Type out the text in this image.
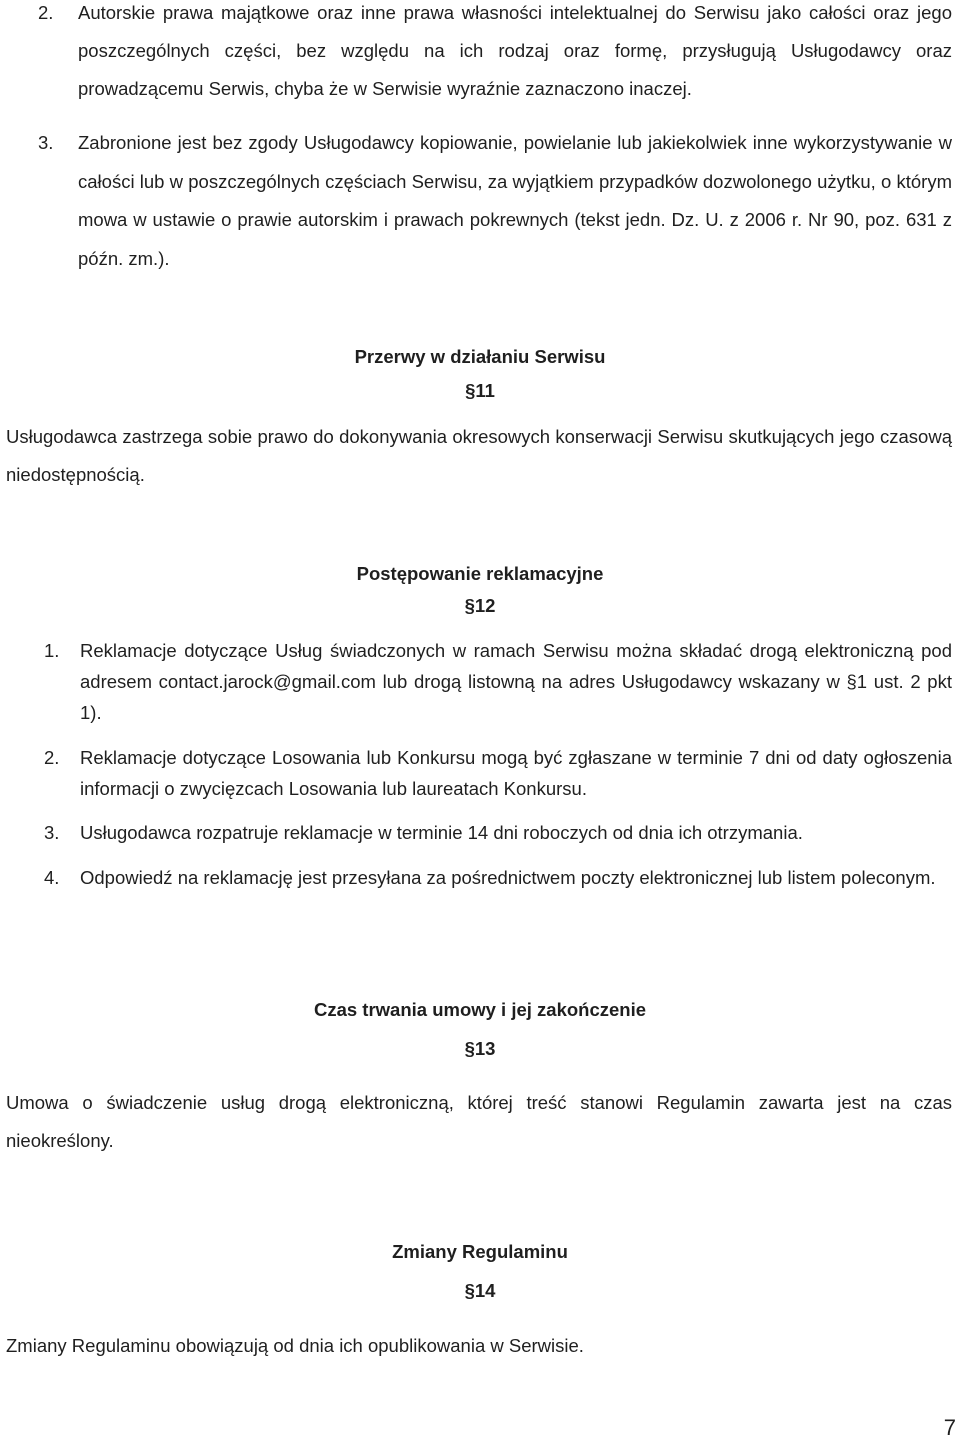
2.	Autorskie prawa majątkowe oraz inne prawa własności intelektualnej do Serwisu jako całości oraz jego poszczególnych części, bez względu na ich rodzaj oraz formę, przysługują Usługodawcy oraz prowadzącemu Serwis, chyba że w Serwisie wyraźnie zaznaczono inaczej.
3.	Zabronione jest bez zgody Usługodawcy kopiowanie, powielanie lub jakiekolwiek inne wykorzystywanie w całości lub w poszczególnych częściach Serwisu, za wyjątkiem przypadków dozwolonego użytku, o którym mowa w ustawie o prawie autorskim i prawach pokrewnych (tekst jedn. Dz. U. z 2006 r. Nr 90, poz. 631 z późn. zm.).
Przerwy w działaniu Serwisu
§11
Usługodawca zastrzega sobie prawo do dokonywania okresowych konserwacji Serwisu skutkujących jego czasową niedostępnością.
Postępowanie reklamacyjne
§12
1.	Reklamacje dotyczące Usług świadczonych w ramach Serwisu można składać drogą elektroniczną pod adresem contact.jarock@gmail.com lub drogą listowną na adres Usługodawcy wskazany w §1 ust. 2 pkt 1).
2.	Reklamacje dotyczące Losowania lub Konkursu mogą być zgłaszane w terminie 7 dni od daty ogłoszenia informacji o zwycięzcach Losowania lub laureatach Konkursu.
3.	Usługodawca rozpatruje reklamacje w terminie 14 dni roboczych od dnia ich otrzymania.
4.	Odpowiedź na reklamację jest przesyłana za pośrednictwem poczty elektronicznej lub listem poleconym.
Czas trwania umowy i jej zakończenie
§13
Umowa o świadczenie usług drogą elektroniczną, której treść stanowi Regulamin zawarta jest na czas nieokreślony.
Zmiany Regulaminu
§14
Zmiany Regulaminu obowiązują od dnia ich opublikowania w Serwisie.
7
